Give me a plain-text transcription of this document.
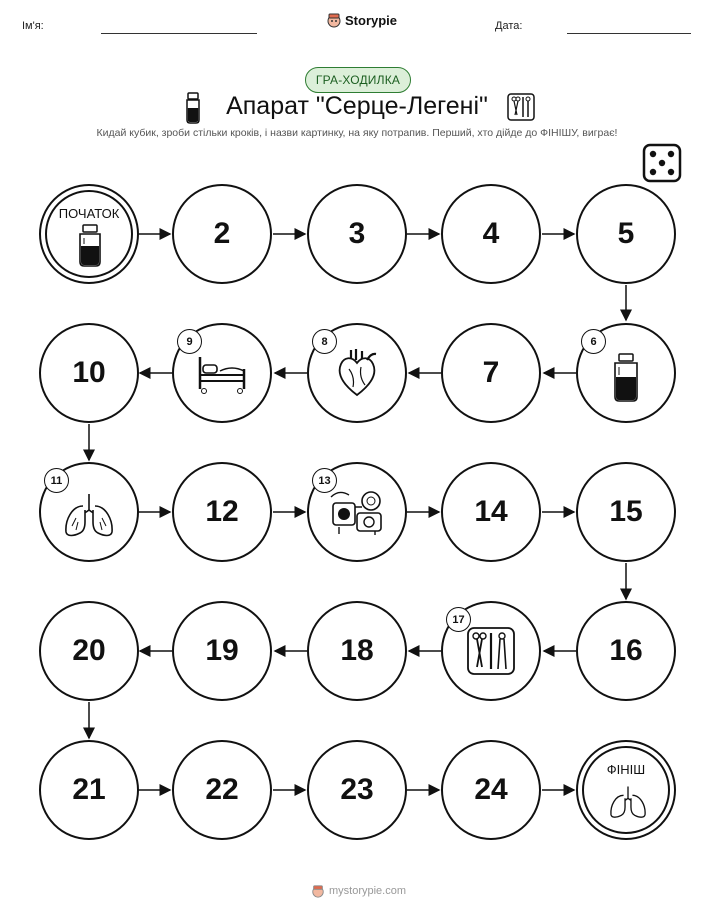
Ім'я:	Storypie	Дата:
ГРА-ХОДИЛКА
Апарат "Серце-Легені"
Кидай кубик, зроби стільки кроків, і назви картинку, на яку потрапив. Перший, хто дійде до ФІНІШУ, виграє!
ПОЧАТОК
2	3	4	5
10
9	8
7
6
11
12
13
14	15
20	19	18
17
16
21	22	23	24
ФІНІШ
mystorypie.com
